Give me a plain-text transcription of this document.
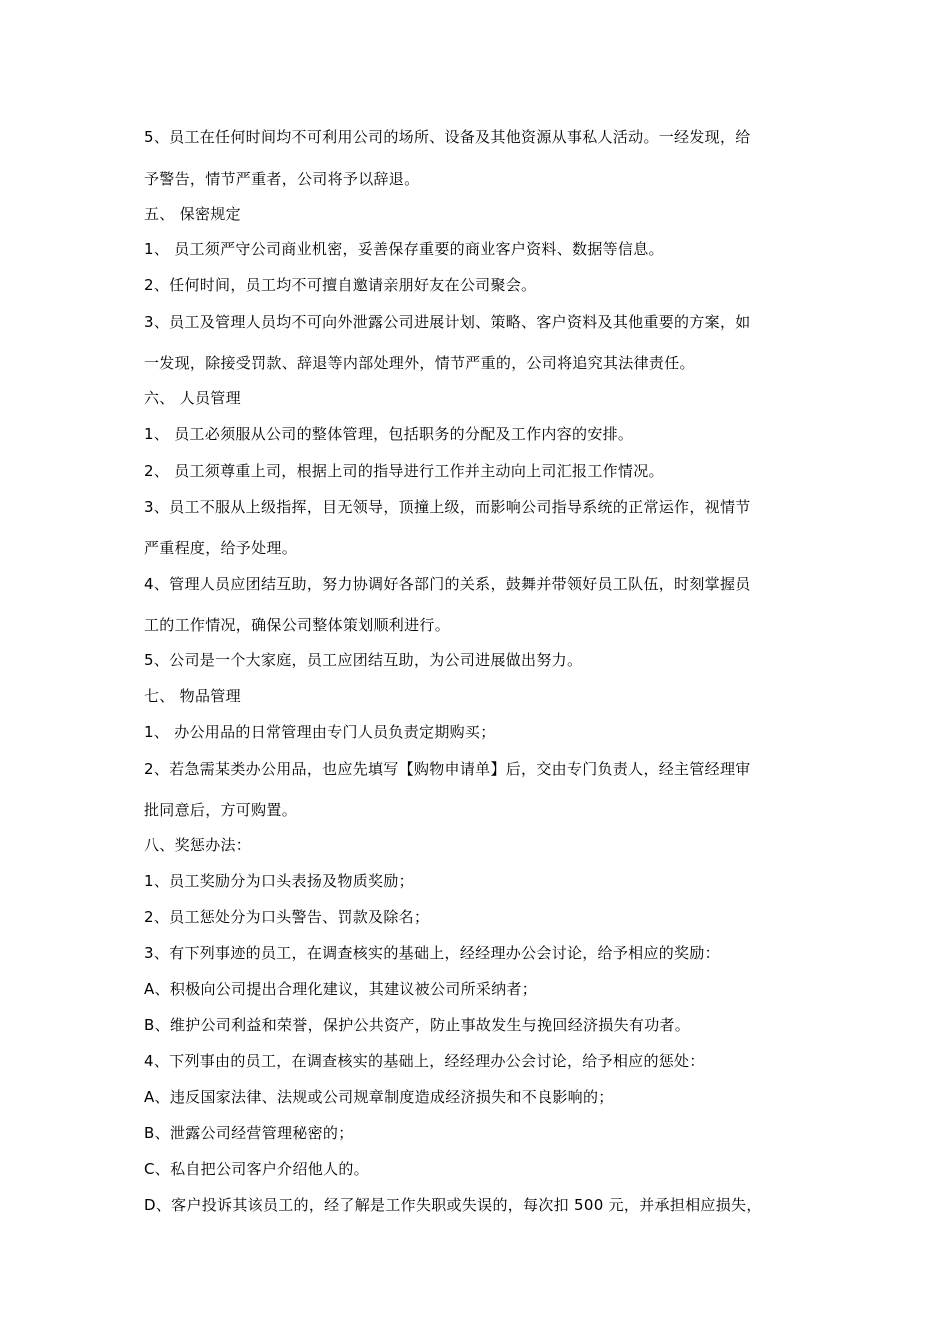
5、员工在任何时间均不可利用公司的场所、设备及其他资源从事私人活动。一经发现，给
予警告，情节严重者，公司将予以辞退。
五、 保密规定
1、 员工须严守公司商业机密，妥善保存重要的商业客户资料、数据等信息。
2、任何时间，员工均不可擅自邀请亲朋好友在公司聚会。
3、员工及管理人员均不可向外泄露公司进展计划、策略、客户资料及其他重要的方案，如
一发现，除接受罚款、辞退等内部处理外，情节严重的，公司将追究其法律责任。
六、 人员管理
1、 员工必须服从公司的整体管理，包括职务的分配及工作内容的安排。
2、 员工须尊重上司，根据上司的指导进行工作并主动向上司汇报工作情况。
3、员工不服从上级指挥，目无领导，顶撞上级，而影响公司指导系统的正常运作，视情节
严重程度，给予处理。
4、管理人员应团结互助，努力协调好各部门的关系，鼓舞并带领好员工队伍，时刻掌握员
工的工作情况，确保公司整体策划顺利进行。
5、公司是一个大家庭，员工应团结互助，为公司进展做出努力。
七、 物品管理
1、 办公用品的日常管理由专门人员负责定期购买；
2、若急需某类办公用品，也应先填写【购物申请单】后，交由专门负责人，经主管经理审
批同意后，方可购置。
八、奖惩办法：
1、员工奖励分为口头表扬及物质奖励；
2、员工惩处分为口头警告、罚款及除名；
3、有下列事迹的员工，在调查核实的基础上，经经理办公会讨论，给予相应的奖励：
A、积极向公司提出合理化建议，其建议被公司所采纳者；
B、维护公司利益和荣誉，保护公共资产，防止事故发生与挽回经济损失有功者。
4、下列事由的员工，在调查核实的基础上，经经理办公会讨论，给予相应的惩处：
A、违反国家法律、法规或公司规章制度造成经济损失和不良影响的；
B、泄露公司经营管理秘密的；
C、私自把公司客户介绍他人的。
D、客户投诉其该员工的，经了解是工作失职或失误的，每次扣 500 元，并承担相应损失，
